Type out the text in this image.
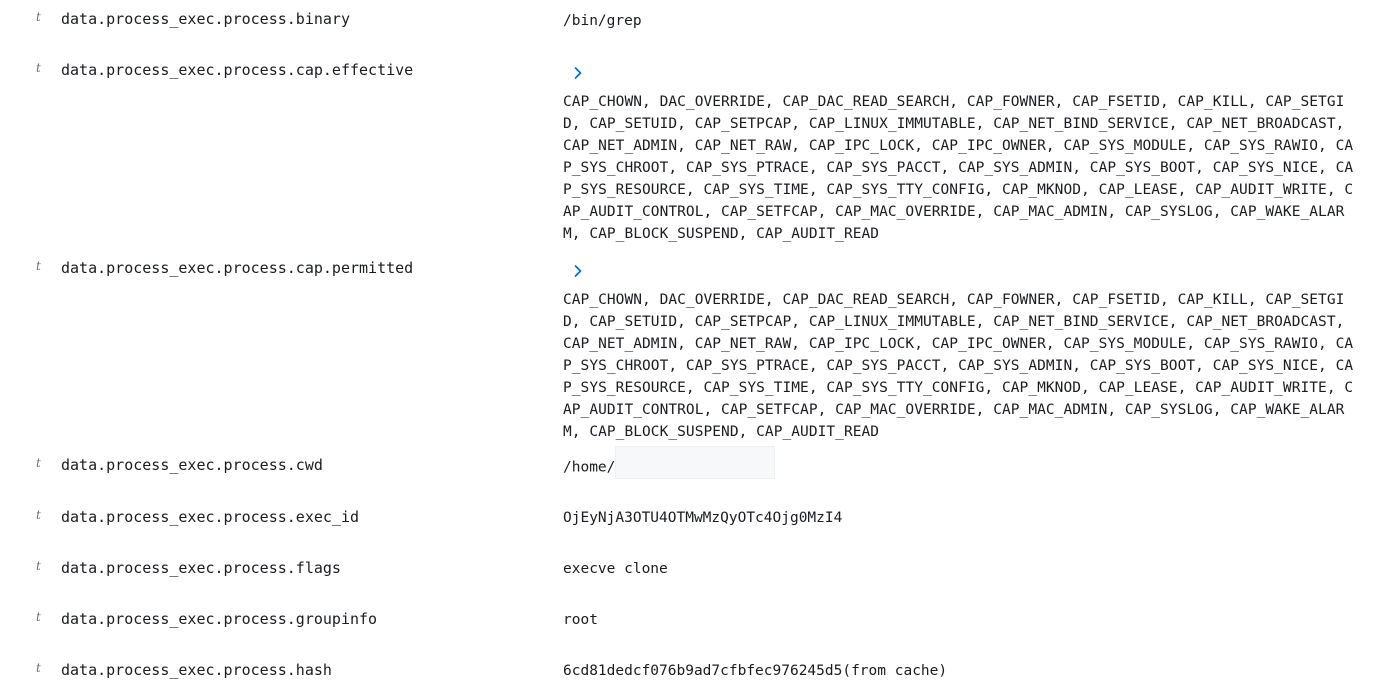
t data.process_exec.process.binary	/bin/grep
t data.process_exec.process.cap.effective
CAP_CHOWN, DAC_OVERRIDE, CAP_DAC_READ_SEARCH, CAP_FOWNER, CAP_FSETID, CAP_KILL, CAP_SETGI
D, CAP_SETUID, CAP_SETPCAP, CAP_LINUX_IMMUTABLE, CAP_NET_BIND_SERVICE, CAP_NET_BROADCAST,
CAP_NET_ADMIN, CAP_NET_RAW, CAP_IPC_LOCK, CAP_IPC_OWNER, CAP_SYS_MODULE, CAP_SYS_RAWIO, CA
P_SYS_CHROOT, CAP_SYS_PTRACE, CAP_SYS_PACCT, CAP_SYS_ADMIN, CAP_SYS_BOOT, CAP_SYS_NICE, CA
P_SYS_RESOURCE, CAP_SYS_TIME, CAP_SYS_TTY_CONFIG, CAP_MKNOD, CAP_LEASE, CAP_AUDIT_WRITE, C
AP_AUDIT_CONTROL, CAP_SETFCAP, CAP_MAC_OVERRIDE, CAP_MAC_ADMIN, CAP_SYSLOG, CAP_WAKE_ALAR
M, CAP_BLOCK_SUSPEND, CAP_AUDIT_READ
t data.process_exec.process.cap.permitted
CAP_CHOWN, DAC_OVERRIDE, CAP_DAC_READ_SEARCH, CAP_FOWNER, CAP_FSETID, CAP_KILL, CAP_SETGI
D, CAP_SETUID, CAP_SETPCAP, CAP_LINUX_IMMUTABLE, CAP_NET_BIND_SERVICE, CAP_NET_BROADCAST,
CAP_NET_ADMIN, CAP_NET_RAW, CAP_IPC_LOCK, CAP_IPC_OWNER, CAP_SYS_MODULE, CAP_SYS_RAWIO, CA
P_SYS_CHROOT, CAP_SYS_PTRACE, CAP_SYS_PACCT, CAP_SYS_ADMIN, CAP_SYS_BOOT, CAP_SYS_NICE, CA
P_SYS_RESOURCE, CAP_SYS_TIME, CAP_SYS_TTY_CONFIG, CAP_MKNOD, CAP_LEASE, CAP_AUDIT_WRITE, C
AP_AUDIT_CONTROL, CAP_SETFCAP, CAP_MAC_OVERRIDE, CAP_MAC_ADMIN, CAP_SYSLOG, CAP_WAKE_ALAR
M, CAP_BLOCK_SUSPEND, CAP_AUDIT_READ
t data.process_exec.process.cwd	/home/
t data.process_exec.process.exec_id	OjEyNjA3OTU4OTMwMzQyOTc4Ojg0MzI4
t data.process_exec.process.flags	execve clone
t data.process_exec.process.groupinfo	root
t data.process_exec.process.hash	6cd81dedcf076b9ad7cfbfec976245d5(from cache)
